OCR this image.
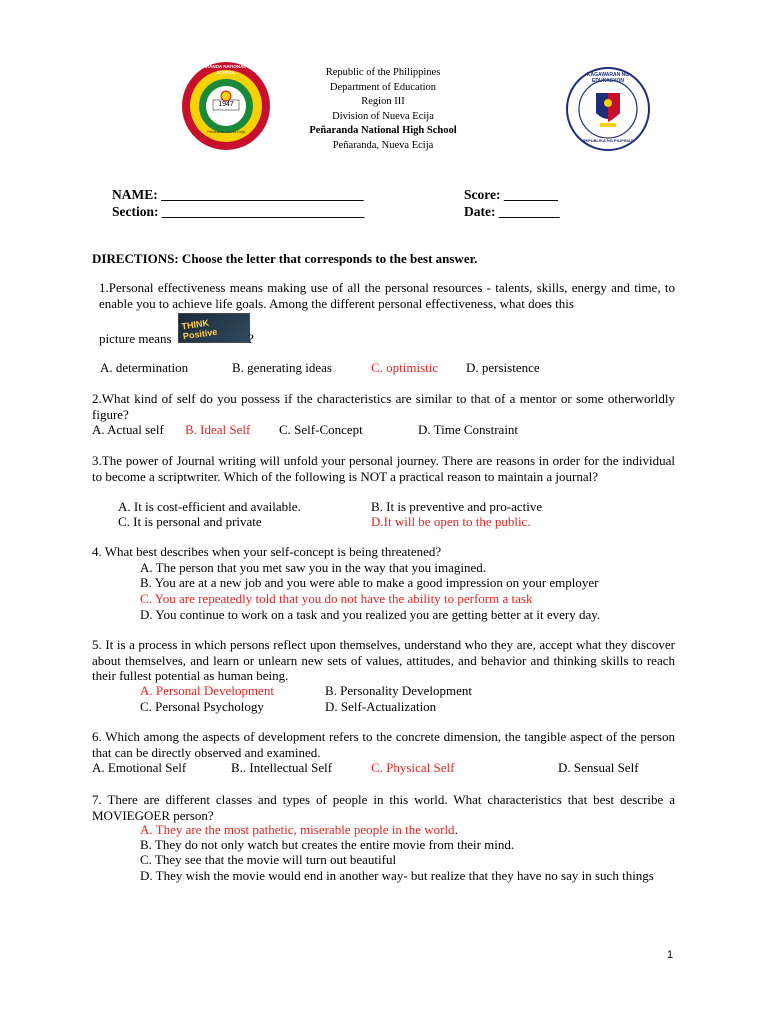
1947
PEÑARANDA NATIONAL HIGH SCHOOL
Peñaranda, Nueva Ecija
Republic of the Philippines
Department of Education
Region III
Division of Nueva Ecija
Peñaranda National High School
Peñaranda, Nueva Ecija
KAGAWARAN NG EDUKASYON
REPUBLIKA NG PILIPINAS
NAME: ______________________________
Section: ______________________________
Score: ________
Date: _________
DIRECTIONS: Choose the letter that corresponds to the best answer.
1.Personal effectiveness means making use of all the personal resources - talents, skills, energy and time, to enable you to achieve life goals. Among the different personal effectiveness, what does this
picture means
THINK Positive	?
A. determination	B. generating ideas	C. optimistic D. persistence
2.What kind of self do you possess if the characteristics are similar to that of a mentor or some otherworldly figure?
A. Actual self B. Ideal Self C. Self-Concept	D. Time Constraint
3.The power of Journal writing will unfold your personal journey. There are reasons in order for the individual to become a scriptwriter. Which of the following is NOT a practical reason to maintain a journal?
A. It is cost-efficient and available.	B. It is preventive and pro-active
C. It is personal and private	D.It will be open to the public.
4. What best describes when your self-concept is being threatened?
A. The person that you met saw you in the way that you imagined.
B. You are at a new job and you were able to make a good impression on your employer
C. You are repeatedly told that you do not have the ability to perform a task
D. You continue to work on a task and you realized you are getting better at it every day.
5. It is a process in which persons reflect upon themselves, understand who they are, accept what they discover about themselves, and learn or unlearn new sets of values, attitudes, and behavior and thinking skills to reach their fullest potential as human being.
A. Personal Development	B. Personality Development
C. Personal Psychology	D. Self-Actualization
6. Which among the aspects of development refers to the concrete dimension, the tangible aspect of the person that can be directly observed and examined.
A. Emotional Self	B.. Intellectual Self	C. Physical Self	D. Sensual Self
7. There are different classes and types of people in this world. What characteristics that best describe a MOVIEGOER person?
A. They are the most pathetic, miserable people in the world.
B. They do not only watch but creates the entire movie from their mind.
C. They see that the movie will turn out beautiful
D. They wish the movie would end in another way- but realize that they have no say in such things
1
